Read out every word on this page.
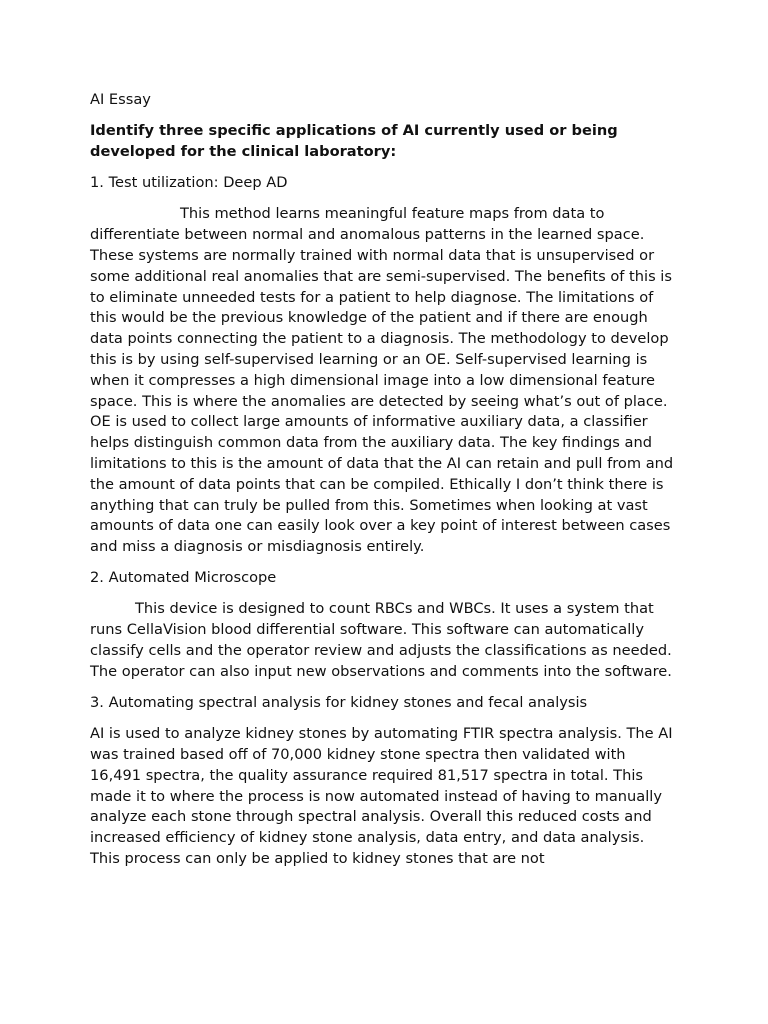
AI Essay

Identify three specific applications of AI currently used or being developed for the clinical laboratory:

1. Test utilization: Deep AD

This method learns meaningful feature maps from data to differentiate between normal and anomalous patterns in the learned space. These systems are normally trained with normal data that is unsupervised or some additional real anomalies that are semi-supervised. The benefits of this is to eliminate unneeded tests for a patient to help diagnose. The limitations of this would be the previous knowledge of the patient and if there are enough data points connecting the patient to a diagnosis. The methodology to develop this is by using self-supervised learning or an OE. Self-supervised learning is when it compresses a high dimensional image into a low dimensional feature space. This is where the anomalies are detected by seeing what’s out of place. OE is used to collect large amounts of informative auxiliary data, a classifier helps distinguish common data from the auxiliary data. The key findings and limitations to this is the amount of data that the AI can retain and pull from and the amount of data points that can be compiled. Ethically I don’t think there is anything that can truly be pulled from this. Sometimes when looking at vast amounts of data one can easily look over a key point of interest between cases and miss a diagnosis or misdiagnosis entirely.

2. Automated Microscope

This device is designed to count RBCs and WBCs. It uses a system that runs CellaVision blood differential software. This software can automatically classify cells and the operator review and adjusts the classifications as needed. The operator can also input new observations and comments into the software.

3. Automating spectral analysis for kidney stones and fecal analysis

AI is used to analyze kidney stones by automating FTIR spectra analysis. The AI was trained based off of 70,000 kidney stone spectra then validated with 16,491 spectra, the quality assurance required 81,517 spectra in total. This made it to where the process is now automated instead of having to manually analyze each stone through spectral analysis. Overall this reduced costs and increased efficiency of kidney stone analysis, data entry, and data analysis. This process can only be applied to kidney stones that are not
